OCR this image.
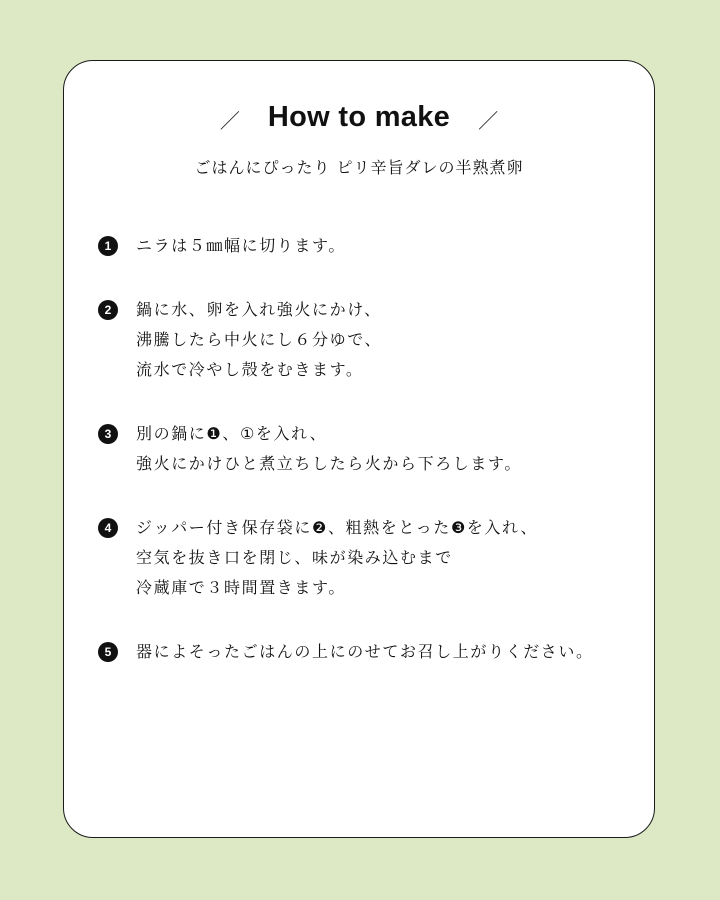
／ How to make ／
ごはんにぴったり ピリ辛旨ダレの半熟煮卵
1	ニラは５㎜幅に切ります。
2	鍋に水、卵を入れ強火にかけ、
沸騰したら中火にし６分ゆで、
流水で冷やし殻をむきます。
3	別の鍋に❶、①を入れ、
強火にかけひと煮立ちしたら火から下ろします。
4	ジッパー付き保存袋に❷、粗熱をとった❸を入れ、
空気を抜き口を閉じ、味が染み込むまで
冷蔵庫で３時間置きます。
5	器によそったごはんの上にのせてお召し上がりください。
